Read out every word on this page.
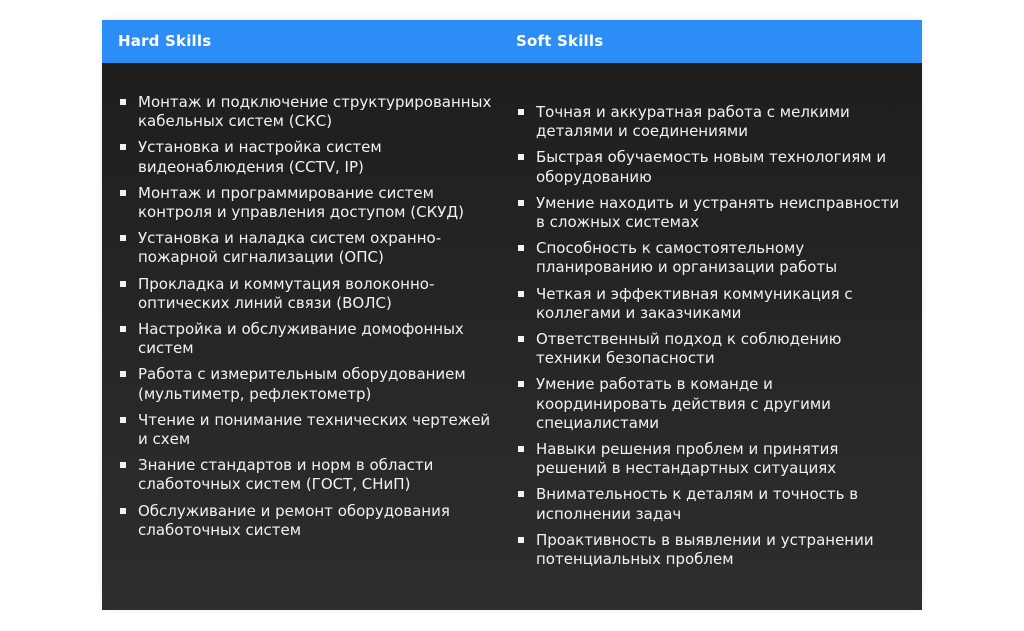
Hard Skills	Soft Skills
Монтаж и подключение структурированных кабельных систем (СКС)
Установка и настройка систем видеонаблюдения (CCTV, IP)
Монтаж и программирование систем контроля и управления доступом (СКУД)
Установка и наладка систем охранно-пожарной сигнализации (ОПС)
Прокладка и коммутация волоконно-оптических линий связи (ВОЛС)
Настройка и обслуживание домофонных систем
Работа с измерительным оборудованием (мультиметр, рефлектометр)
Чтение и понимание технических чертежей и схем
Знание стандартов и норм в области слаботочных систем (ГОСТ, СНиП)
Обслуживание и ремонт оборудования слаботочных систем
Точная и аккуратная работа с мелкими деталями и соединениями
Быстрая обучаемость новым технологиям и оборудованию
Умение находить и устранять неисправности в сложных системах
Способность к самостоятельному планированию и организации работы
Четкая и эффективная коммуникация с коллегами и заказчиками
Ответственный подход к соблюдению техники безопасности
Умение работать в команде и координировать действия с другими специалистами
Навыки решения проблем и принятия решений в нестандартных ситуациях
Внимательность к деталям и точность в исполнении задач
Проактивность в выявлении и устранении потенциальных проблем
